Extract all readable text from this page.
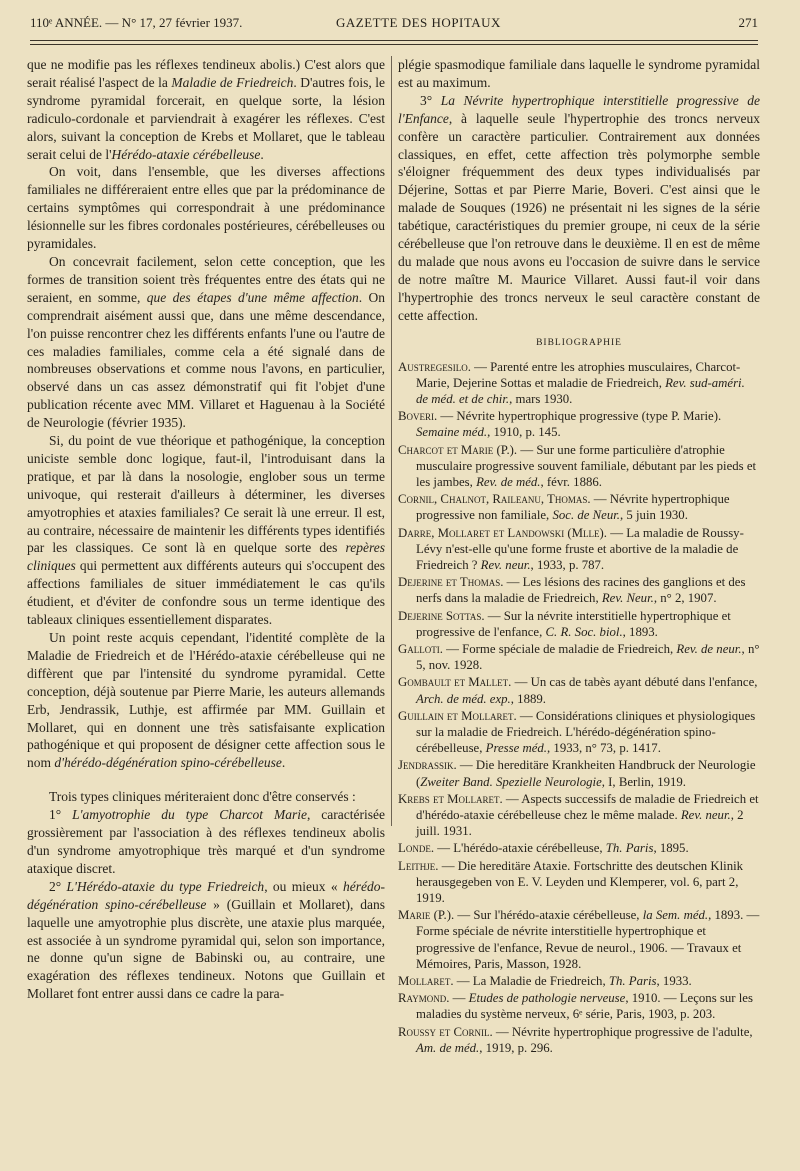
110ᵉ ANNÉE. — N° 17, 27 février 1937.	GAZETTE DES HOPITAUX	271

que ne modifie pas les réflexes tendineux abolis.) C'est alors que serait réalisé l'aspect de la Maladie de Friedreich. D'autres fois, le syndrome pyramidal forcerait, en quelque sorte, la lésion radiculo-cordonale et parviendrait à exagérer les réflexes. C'est alors, suivant la conception de Krebs et Mollaret, que le tableau serait celui de l'Hérédo-ataxie cérébelleuse.

On voit, dans l'ensemble, que les diverses affections familiales ne différeraient entre elles que par la prédominance de certains symptômes qui correspondrait à une prédominance lésionnelle sur les fibres cordonales postérieures, cérébelleuses ou pyramidales.

On concevrait facilement, selon cette conception, que les formes de transition soient très fréquentes entre des états qui ne seraient, en somme, que des étapes d'une même affection. On comprendrait aisément aussi que, dans une même descendance, l'on puisse rencontrer chez les différents enfants l'une ou l'autre de ces maladies familiales, comme cela a été signalé dans de nombreuses observations et comme nous l'avons, en particulier, observé dans un cas assez démonstratif qui fit l'objet d'une publication récente avec MM. Villaret et Haguenau à la Société de Neurologie (février 1935).

Si, du point de vue théorique et pathogénique, la conception uniciste semble donc logique, faut-il, l'introduisant dans la pratique, et par là dans la nosologie, englober sous un terme univoque, qui resterait d'ailleurs à déterminer, les diverses amyotrophies et ataxies familiales? Ce serait là une erreur. Il est, au contraire, nécessaire de maintenir les différents types identifiés par les classiques. Ce sont là en quelque sorte des repères cliniques qui permettent aux différents auteurs qui s'occupent des affections familiales de situer immédiatement le cas qu'ils étudient, et d'éviter de confondre sous un terme identique des tableaux cliniques essentiellement disparates.

Un point reste acquis cependant, l'identité complète de la Maladie de Friedreich et de l'Hérédo-ataxie cérébelleuse qui ne diffèrent que par l'intensité du syndrome pyramidal. Cette conception, déjà soutenue par Pierre Marie, les auteurs allemands Erb, Jendrassik, Luthje, est affirmée par MM. Guillain et Mollaret, qui en donnent une très satisfaisante explication pathogénique et qui proposent de désigner cette affection sous le nom d'hérédo-dégénération spino-cérébelleuse.

Trois types cliniques mériteraient donc d'être conservés :

1° L'amyotrophie du type Charcot Marie, caractérisée grossièrement par l'association à des réflexes tendineux abolis d'un syndrome amyotrophique très marqué et d'un syndrome ataxique discret.

2° L'Hérédo-ataxie du type Friedreich, ou mieux « hérédo-dégénération spino-cérébelleuse » (Guillain et Mollaret), dans laquelle une amyotrophie plus discrète, une ataxie plus marquée, est associée à un syndrome pyramidal qui, selon son importance, ne donne qu'un signe de Babinski ou, au contraire, une exagération des réflexes tendineux. Notons que Guillain et Mollaret font entrer aussi dans ce cadre la para-

plégie spasmodique familiale dans laquelle le syndrome pyramidal est au maximum.

3° La Névrite hypertrophique interstitielle progressive de l'Enfance, à laquelle seule l'hypertrophie des troncs nerveux confère un caractère particulier. Contrairement aux données classiques, en effet, cette affection très polymorphe semble s'éloigner fréquemment des deux types individualisés par Déjerine, Sottas et par Pierre Marie, Boveri. C'est ainsi que le malade de Souques (1926) ne présentait ni les signes de la série tabétique, caractéristiques du premier groupe, ni ceux de la série cérébelleuse que l'on retrouve dans le deuxième. Il en est de même du malade que nous avons eu l'occasion de suivre dans le service de notre maître M. Maurice Villaret. Aussi faut-il voir dans l'hypertrophie des troncs nerveux le seul caractère constant de cette affection.

BIBLIOGRAPHIE

Austregesilo. — Parenté entre les atrophies musculaires, Charcot-Marie, Dejerine Sottas et maladie de Friedreich, Rev. sud-améri. de méd. et de chir., mars 1930.

Boveri. — Névrite hypertrophique progressive (type P. Marie). Semaine méd., 1910, p. 145.

Charcot et Marie (P.). — Sur une forme particulière d'atrophie musculaire progressive souvent familiale, débutant par les pieds et les jambes, Rev. de méd., févr. 1886.

Cornil, Chalnot, Raileanu, Thomas. — Névrite hypertrophique progressive non familiale, Soc. de Neur., 5 juin 1930.

Darre, Mollaret et Landowski (Mlle). — La maladie de Roussy-Lévy n'est-elle qu'une forme fruste et abortive de la maladie de Friedreich ? Rev. neur., 1933, p. 787.

Dejerine et Thomas. — Les lésions des racines des ganglions et des nerfs dans la maladie de Friedreich, Rev. Neur., n° 2, 1907.

Dejerine Sottas. — Sur la névrite interstitielle hypertrophique et progressive de l'enfance, C. R. Soc. biol., 1893.

Galloti. — Forme spéciale de maladie de Friedreich, Rev. de neur., n° 5, nov. 1928.

Gombault et Mallet. — Un cas de tabès ayant débuté dans l'enfance, Arch. de méd. exp., 1889.

Guillain et Mollaret. — Considérations cliniques et physiologiques sur la maladie de Friedreich. L'hérédo-dégénération spino-cérébelleuse, Presse méd., 1933, n° 73, p. 1417.

Jendrassik. — Die hereditäre Krankheiten Handbruck der Neurologie (Zweiter Band. Spezielle Neurologie, I, Berlin, 1919.

Krebs et Mollaret. — Aspects successifs de maladie de Friedreich et d'hérédo-ataxie cérébelleuse chez le même malade. Rev. neur., 2 juill. 1931.

Londe. — L'hérédo-ataxie cérébelleuse, Th. Paris, 1895.

Leithje. — Die hereditäre Ataxie. Fortschritte des deutschen Klinik herausgegeben von E. V. Leyden und Klemperer, vol. 6, part 2, 1919.

Marie (P.). — Sur l'hérédo-ataxie cérébelleuse, la Sem. méd., 1893. — Forme spéciale de névrite interstitielle hypertrophique et progressive de l'enfance, Revue de neurol., 1906. — Travaux et Mémoires, Paris, Masson, 1928.

Mollaret. — La Maladie de Friedreich, Th. Paris, 1933.

Raymond. — Etudes de pathologie nerveuse, 1910. — Leçons sur les maladies du système nerveux, 6ᵉ série, Paris, 1903, p. 203.

Roussy et Cornil. — Névrite hypertrophique progressive de l'adulte, Am. de méd., 1919, p. 296.
